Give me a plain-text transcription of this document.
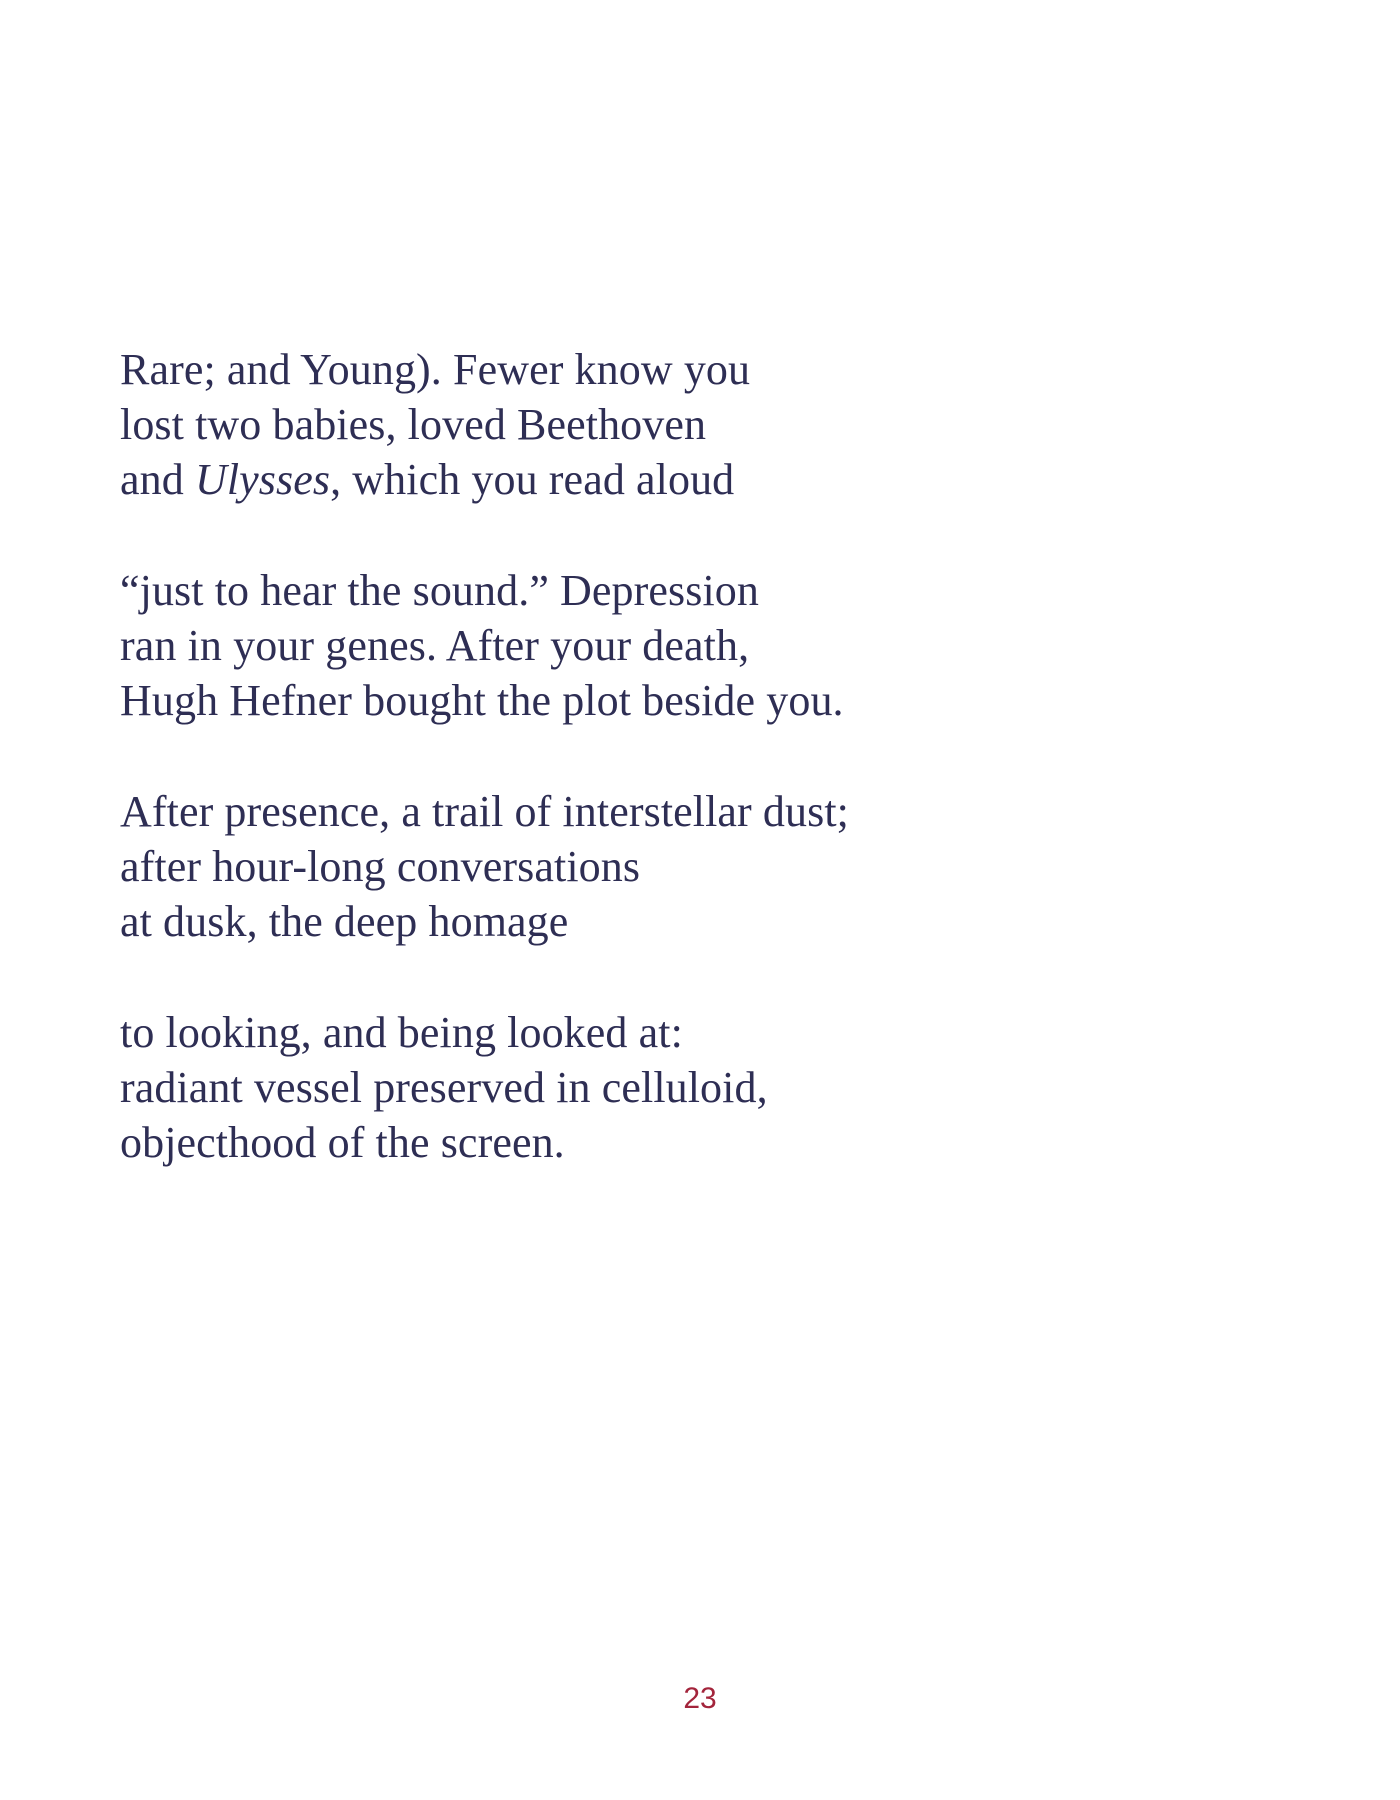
Rare; and Young). Fewer know you
lost two babies, loved Beethoven
and Ulysses, which you read aloud
“just to hear the sound.” Depression
ran in your genes. After your death,
Hugh Hefner bought the plot beside you.
After presence, a trail of interstellar dust;
after hour-long conversations
at dusk, the deep homage
to looking, and being looked at:
radiant vessel preserved in celluloid,
objecthood of the screen.
23
